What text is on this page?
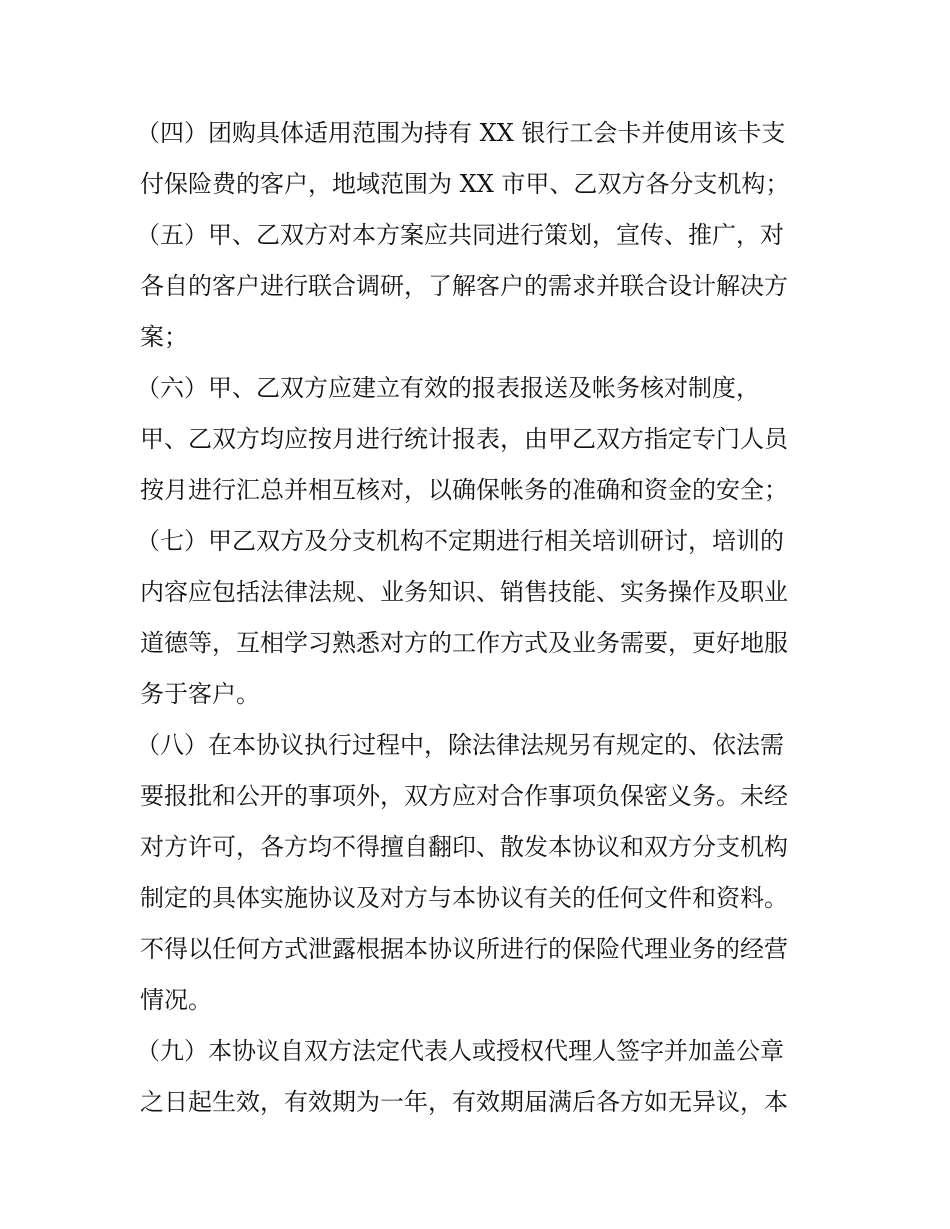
（四）团购具体适用范围为持有 XX 银行工会卡并使用该卡支
付保险费的客户，地域范围为 XX 市甲、乙双方各分支机构；
（五）甲、乙双方对本方案应共同进行策划，宣传、推广，对
各自的客户进行联合调研，了解客户的需求并联合设计解决方
案；
（六）甲、乙双方应建立有效的报表报送及帐务核对制度，
甲、乙双方均应按月进行统计报表，由甲乙双方指定专门人员
按月进行汇总并相互核对，以确保帐务的准确和资金的安全；
（七）甲乙双方及分支机构不定期进行相关培训研讨，培训的
内容应包括法律法规、业务知识、销售技能、实务操作及职业
道德等，互相学习熟悉对方的工作方式及业务需要，更好地服
务于客户。
（八）在本协议执行过程中，除法律法规另有规定的、依法需
要报批和公开的事项外，双方应对合作事项负保密义务。未经
对方许可，各方均不得擅自翻印、散发本协议和双方分支机构
制定的具体实施协议及对方与本协议有关的任何文件和资料。
不得以任何方式泄露根据本协议所进行的保险代理业务的经营
情况。
（九）本协议自双方法定代表人或授权代理人签字并加盖公章
之日起生效，有效期为一年，有效期届满后各方如无异议，本
